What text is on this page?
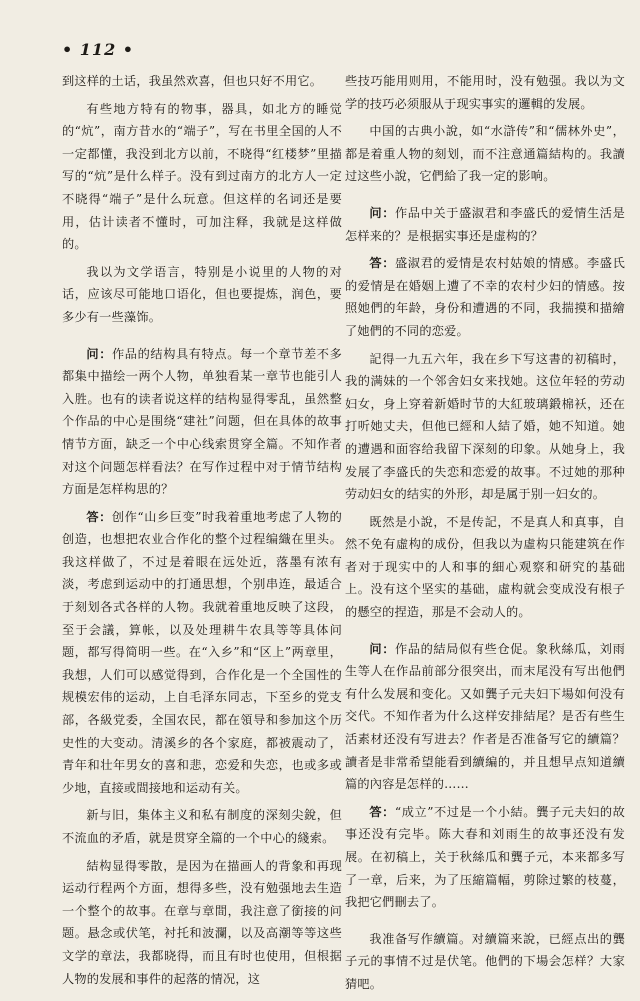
• 112 •

到这样的土话，我虽然欢喜，但也只好不用它。

有些地方特有的物事，器具，如北方的睡觉的“炕”，南方昔水的“端子”，写在书里全国的人不一定都懂，我没到北方以前，不晓得“红楼梦”里描写的“炕”是什么样子。没有到过南方的北方人一定不晓得“端子”是什么玩意。但这样的名词还是要用，估计读者不懂时，可加注释，我就是这样做的。

我以为文学语言，特别是小说里的人物的对话，应该尽可能地口语化，但也要提炼，润色，要多少有一些藻饰。

问：作品的结构具有特点。每一个章节差不多都集中描绘一两个人物，单独看某一章节也能引人入胜。也有的读者说这样的结构显得零乱，虽然整个作品的中心是围绕“建社”问题，但在具体的故事情节方面，缺乏一个中心线索贯穿全篇。不知作者对这个问题怎样看法？在写作过程中对于情节结构方面是怎样构思的？

答：创作“山乡巨变”时我着重地考虑了人物的创造，也想把农业合作化的整个过程编織在里头。我这样做了，不过是着眼在远处近，落墨有浓有淡，考虑到运动中的打通思想，个别串连，最适合于刻划各式各样的人物。我就着重地反映了这段，至于会議，算帐，以及处理耕牛农具等等具体问题，都写得简明一些。在“入乡”和“区上”两章里，我想，人们可以感觉得到，合作化是一个全国性的规模宏伟的运动，上自毛泽东同志，下至乡的党支部，各級党委，全国农民，都在領导和参加这个历史性的大变动。清溪乡的各个家庭，都被震动了，青年和壮年男女的喜和悲，恋爱和失恋，也或多或少地，直接或間接地和运动有关。

新与旧，集体主义和私有制度的深刻尖銳，但不流血的矛盾，就是贯穿全篇的一个中心的綫索。

結构显得零散，是因为在描画人的背象和再现运动行程两个方面，想得多些，没有勉强地去生造一个整个的故事。在章与章間，我注意了銜接的问题。悬念或伏笔，衬托和波瀾，以及高潮等等这些文学的章法，我都晓得，而且有时也使用，但根据人物的发展和事件的起落的情况，这

些技巧能用则用，不能用时，没有勉强。我以为文学的技巧必须服从于现实事实的邏輯的发展。

中国的古典小說，如“水滸传”和“儒林外史”，都是着重人物的刻划，而不注意通篇結构的。我讀过这些小說，它們給了我一定的影响。

问：作品中关于盛淑君和李盛氏的爱情生活是怎样来的？是根据实事还是虚构的？

答：盛淑君的爱情是农村姑娘的情感。李盛氏的爱情是在婚姻上遭了不幸的农村少妇的情感。按照她們的年龄，身份和遭遇的不同，我揣摸和描繪了她們的不同的恋爱。

記得一九五六年，我在乡下写这書的初稿时，我的满妹的一个邻舍妇女来找她。这位年轻的劳动妇女，身上穿着新婚时节的大紅玻璃鍛棉袄，还在打听她丈夫，但他已經和人結了婚，她不知道。她的遭遇和面容给我留下深刻的印象。从她身上，我发展了李盛氏的失恋和恋爱的故事。不过她的那种劳动妇女的结实的外形，却是属于别一妇女的。

既然是小說，不是传記，不是真人和真事，自然不免有虛构的成份，但我以为虛构只能建筑在作者对于现实中的人和事的細心观察和研究的基础上。没有这个坚实的基础，虛构就会变成没有根子的懸空的捏造，那是不会动人的。

问：作品的結局似有些仓促。象秋絲瓜，刘雨生等人在作品前部分很突出，而末尾没有写出他們有什么发展和变化。又如龔子元夫妇下場如何没有交代。不知作者为什么这样安排結尾？是否有些生活素材还没有写进去？作者是否准备写它的續篇？讀者是非常希望能看到續編的，并且想早点知道續篇的內容是怎样的……

答：“成立”不过是一个小結。龔子元夫妇的故事还没有完毕。陈大春和刘雨生的故事还没有发展。在初稿上，关于秋絲瓜和龔子元，本来都多写了一章，后来，为了压縮篇幅，剪除过繁的枝蔓，我把它們刪去了。

我准备写作續篇。对續篇来說，已經点出的龔子元的事情不过是伏笔。他們的下場会怎样？大家猜吧。
